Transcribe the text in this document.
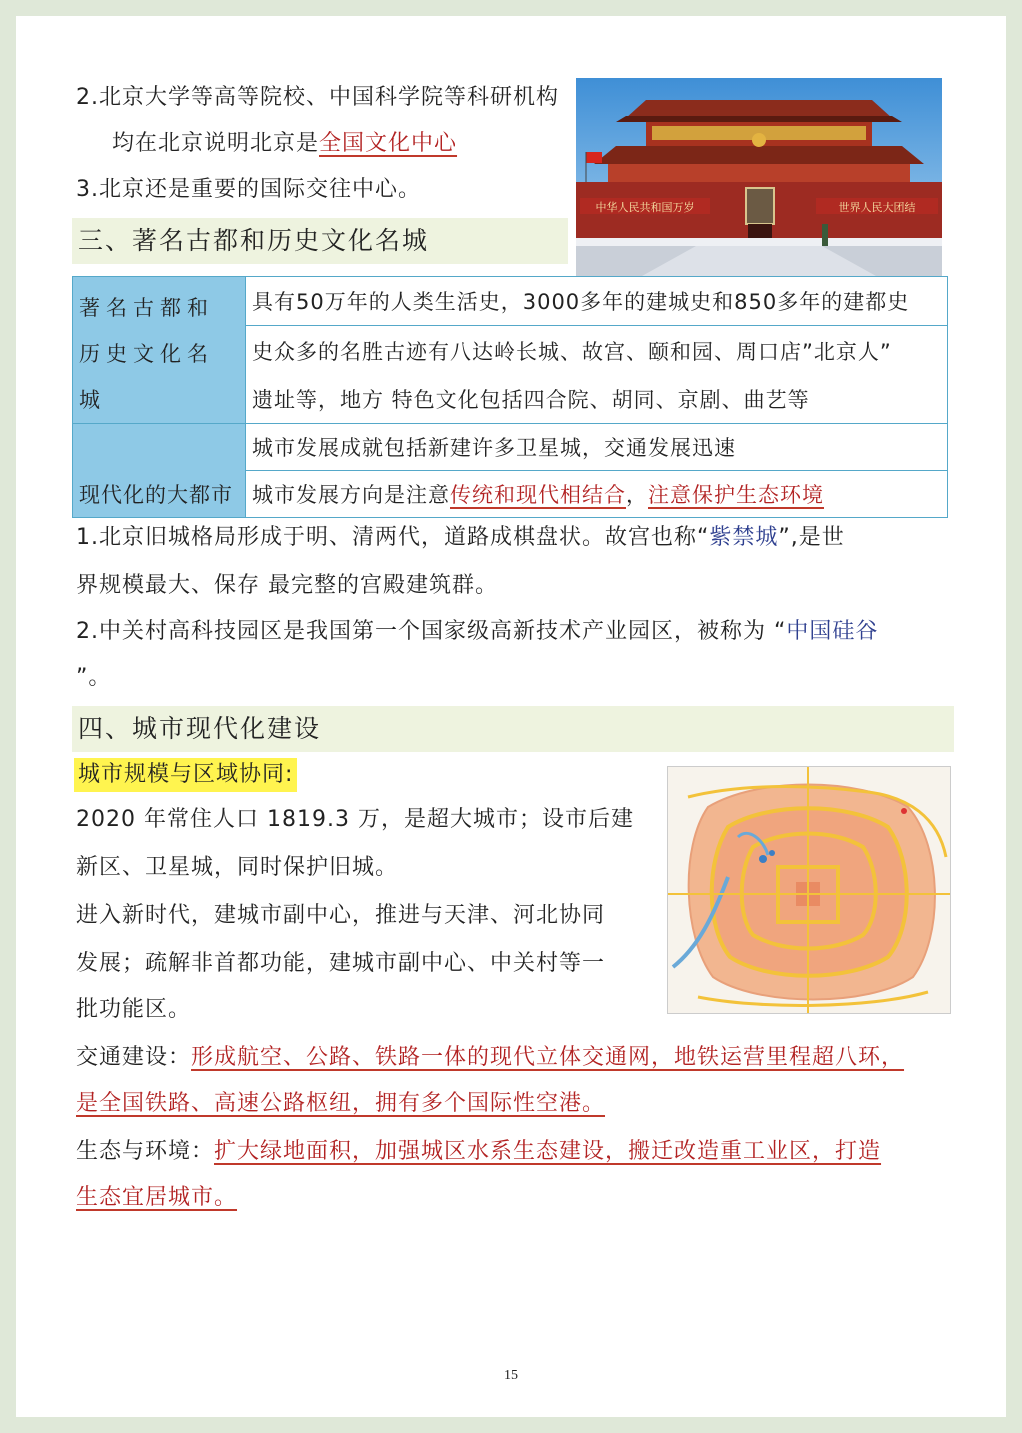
2.北京大学等高等院校、中国科学院等科研机构
均在北京说明北京是全国文化中心
3.北京还是重要的国际交往中心。
三、著名古都和历史文化名城
中华人民共和国万岁	世界人民大团结
著名古都和历史文化名城	具有50万年的人类生活史，3000多年的建城史和850多年的建都史
	史众多的名胜古迹有八达岭长城、故宫、颐和园、周口店”北京人”
	遗址等，地方 特色文化包括四合院、胡同、京剧、曲艺等
现代化的大都市	城市发展成就包括新建许多卫星城，交通发展迅速
	城市发展方向是注意传统和现代相结合，注意保护生态环境
1.北京旧城格局形成于明、清两代，道路成棋盘状。故宫也称“紫禁城”,是世
界规模最大、保存 最完整的宫殿建筑群。
2.中关村高科技园区是我国第一个国家级高新技术产业园区，被称为 “中国硅谷
”。
四、城市现代化建设
城市规模与区域协同:
2020 年常住人口 1819.3 万，是超大城市；设市后建
新区、卫星城，同时保护旧城。
进入新时代，建城市副中心，推进与天津、河北协同
发展；疏解非首都功能，建城市副中心、中关村等一
批功能区。
交通建设：形成航空、公路、铁路一体的现代立体交通网，地铁运营里程超八环，
是全国铁路、高速公路枢纽，拥有多个国际性空港。
生态与环境：扩大绿地面积，加强城区水系生态建设，搬迁改造重工业区，打造
生态宜居城市。
15
